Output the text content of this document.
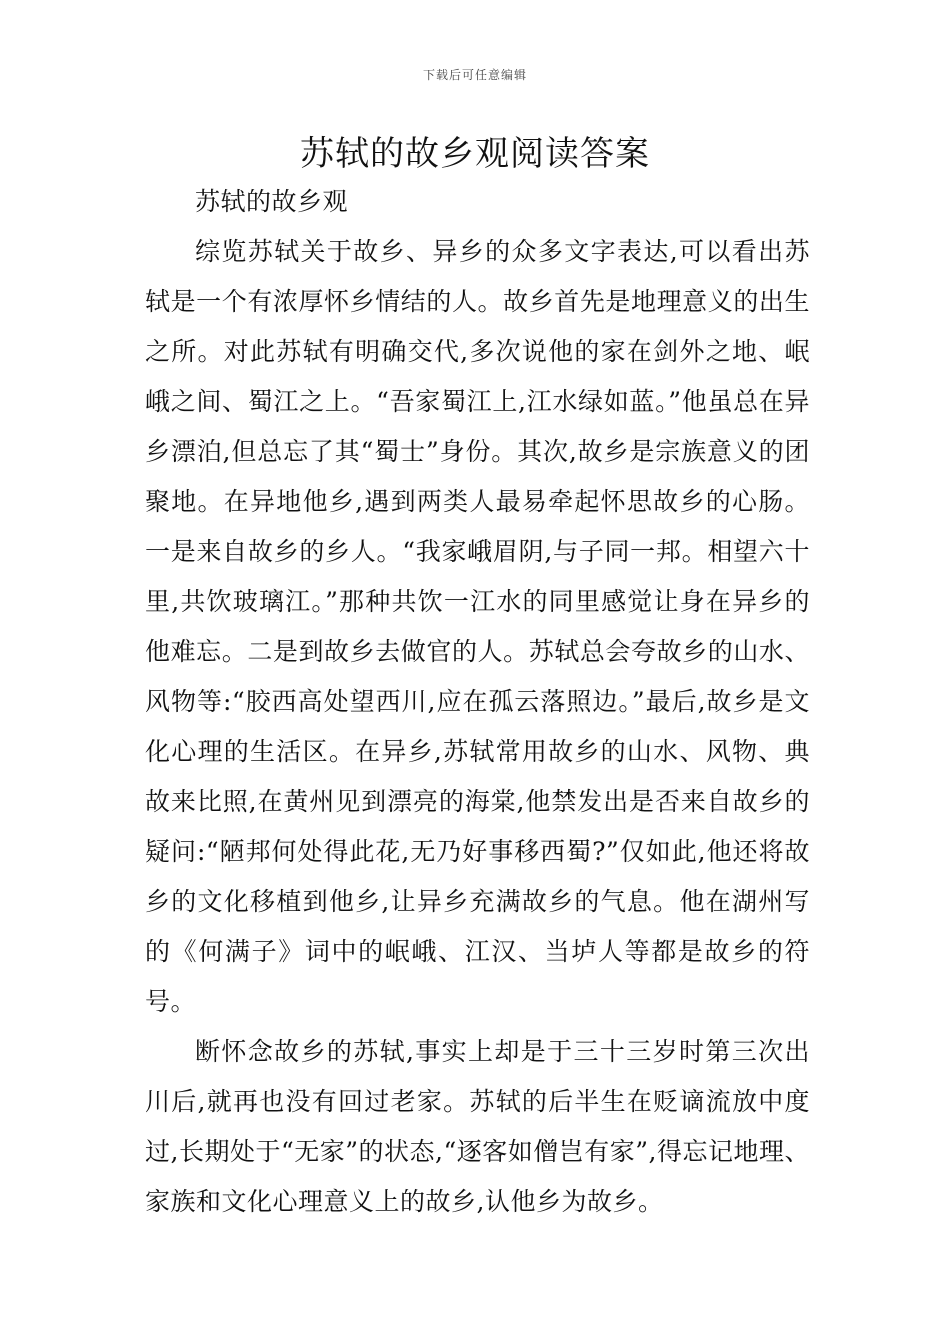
下载后可任意编辑
苏轼的故乡观阅读答案

苏轼的故乡观

综览苏轼关于故乡、异乡的众多文字表达,可以看出苏轼是一个有浓厚怀乡情结的人。故乡首先是地理意义的出生之所。对此苏轼有明确交代,多次说他的家在剑外之地、岷峨之间、蜀江之上。“吾家蜀江上,江水绿如蓝。”他虽总在异乡漂泊,但总忘了其“蜀士”身份。其次,故乡是宗族意义的团聚地。在异地他乡,遇到两类人最易牵起怀思故乡的心肠。一是来自故乡的乡人。“我家峨眉阴,与子同一邦。相望六十里,共饮玻璃江。”那种共饮一江水的同里感觉让身在异乡的他难忘。二是到故乡去做官的人。苏轼总会夸故乡的山水、风物等:“胶西高处望西川,应在孤云落照边。”最后,故乡是文化心理的生活区。在异乡,苏轼常用故乡的山水、风物、典故来比照,在黄州见到漂亮的海棠,他禁发出是否来自故乡的疑问:“陋邦何处得此花,无乃好事移西蜀?”仅如此,他还将故乡的文化移植到他乡,让异乡充满故乡的气息。他在湖州写的《何满子》词中的岷峨、江汉、当垆人等都是故乡的符号。

断怀念故乡的苏轼,事实上却是于三十三岁时第三次出川后,就再也没有回过老家。苏轼的后半生在贬谪流放中度过,长期处于“无家”的状态,“逐客如僧岂有家”,得忘记地理、家族和文化心理意义上的故乡,认他乡为故乡。
